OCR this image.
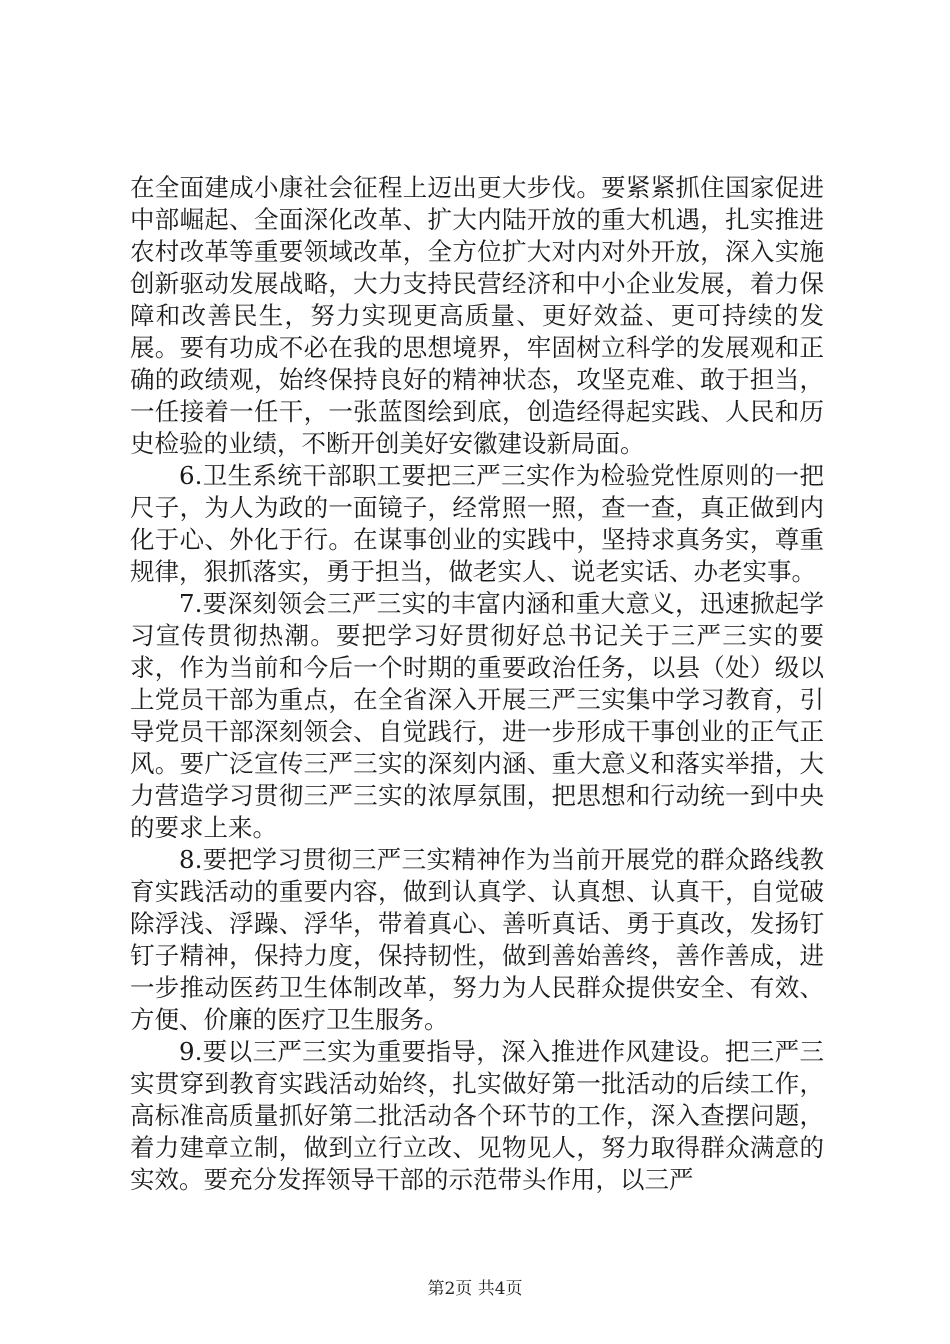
在全面建成小康社会征程上迈出更大步伐。要紧紧抓住国家促进中部崛起、全面深化改革、扩大内陆开放的重大机遇，扎实推进农村改革等重要领域改革，全方位扩大对内对外开放，深入实施创新驱动发展战略，大力支持民营经济和中小企业发展，着力保障和改善民生，努力实现更高质量、更好效益、更可持续的发展。要有功成不必在我的思想境界，牢固树立科学的发展观和正确的政绩观，始终保持良好的精神状态，攻坚克难、敢于担当，一任接着一任干，一张蓝图绘到底，创造经得起实践、人民和历史检验的业绩，不断开创美好安徽建设新局面。

6.卫生系统干部职工要把三严三实作为检验党性原则的一把尺子，为人为政的一面镜子，经常照一照，查一查，真正做到内化于心、外化于行。在谋事创业的实践中，坚持求真务实，尊重规律，狠抓落实，勇于担当，做老实人、说老实话、办老实事。

7.要深刻领会三严三实的丰富内涵和重大意义，迅速掀起学习宣传贯彻热潮。要把学习好贯彻好总书记关于三严三实的要求，作为当前和今后一个时期的重要政治任务，以县（处）级以上党员干部为重点，在全省深入开展三严三实集中学习教育，引导党员干部深刻领会、自觉践行，进一步形成干事创业的正气正风。要广泛宣传三严三实的深刻内涵、重大意义和落实举措，大力营造学习贯彻三严三实的浓厚氛围，把思想和行动统一到中央的要求上来。

8.要把学习贯彻三严三实精神作为当前开展党的群众路线教育实践活动的重要内容，做到认真学、认真想、认真干，自觉破除浮浅、浮躁、浮华，带着真心、善听真话、勇于真改，发扬钉钉子精神，保持力度，保持韧性，做到善始善终，善作善成，进一步推动医药卫生体制改革，努力为人民群众提供安全、有效、方便、价廉的医疗卫生服务。

9.要以三严三实为重要指导，深入推进作风建设。把三严三实贯穿到教育实践活动始终，扎实做好第一批活动的后续工作，高标准高质量抓好第二批活动各个环节的工作，深入查摆问题，着力建章立制，做到立行立改、见物见人，努力取得群众满意的实效。要充分发挥领导干部的示范带头作用，以三严

第2页 共4页
